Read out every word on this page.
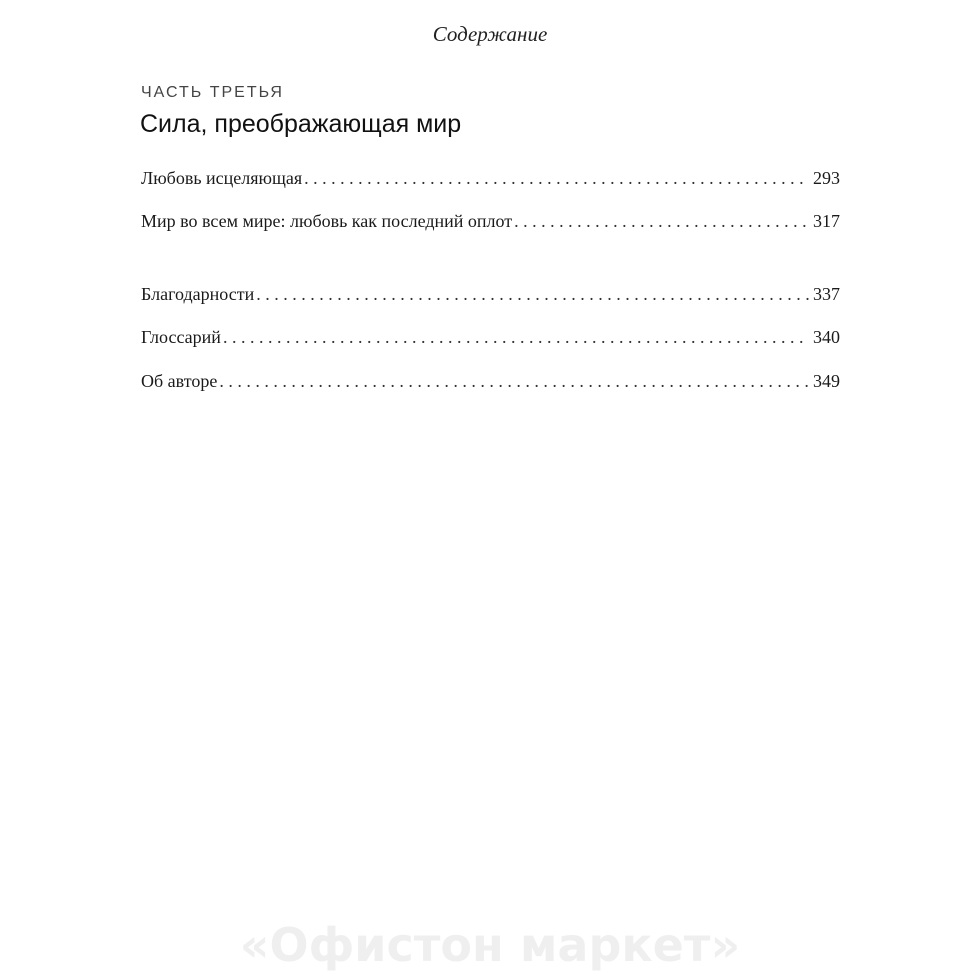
Содержание
ЧАСТЬ ТРЕТЬЯ
Сила, преображающая мир
Любовь исцеляющая . . .	293
Мир во всем мире: любовь как последний оплот . . .	317
Благодарности . . .	337
Глоссарий . . .	340
Об авторе . . .	349
«Офистон маркет»
